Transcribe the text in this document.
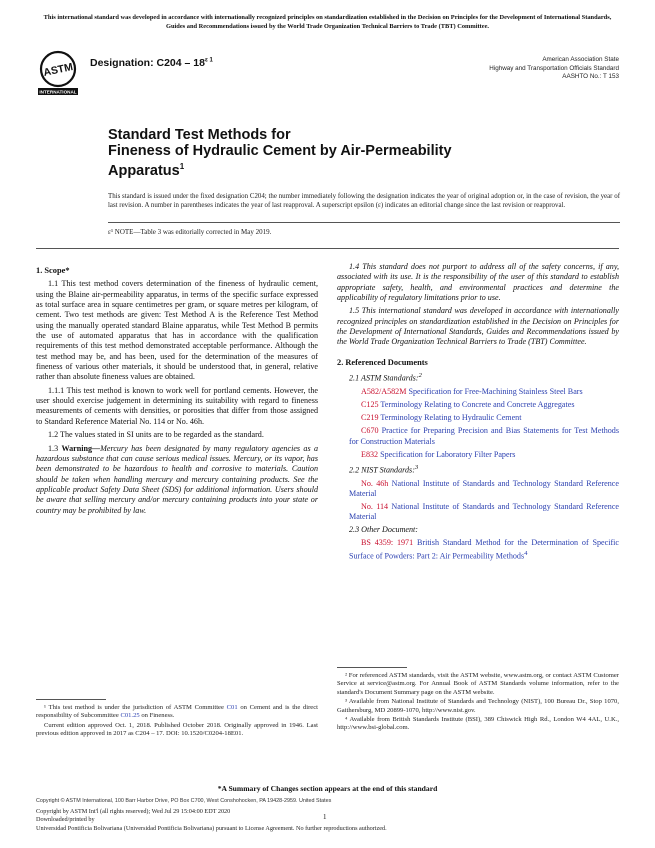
This international standard was developed in accordance with internationally recognized principles on standardization established in the Decision on Principles for the Development of International Standards, Guides and Recommendations issued by the World Trade Organization Technical Barriers to Trade (TBT) Committee.
ASTM
INTERNATIONAL
Designation: $C204 - 18^{\varepsilon 1}$	American Association State
Highway and Transportation Officials Standard
AASHTO No.: T 153
Standard Test Methods for
Fineness of Hydraulic Cement by Air-Permeability
Apparatus$^1$
This standard is issued under the fixed designation C204; the number immediately following the designation indicates the year of original adoption or, in the case of revision, the year of last revision. A number in parentheses indicates the year of last reapproval. A superscript epsilon (ε) indicates an editorial change since the last revision or reapproval.
ε¹ NOTE—Table 3 was editorially corrected in May 2019.

1. Scope*

1.1 This test method covers determination of the fineness of hydraulic cement, using the Blaine air-permeability apparatus, in terms of the specific surface expressed as total surface area in square centimetres per gram, or square metres per kilogram, of cement. Two test methods are given: Test Method A is the Reference Test Method using the manually operated standard Blaine apparatus, while Test Method B permits the use of automated apparatus that has in accordance with the qualification requirements of this test method demonstrated acceptable performance. Although the test method may be, and has been, used for the determination of the measures of fineness of various other materials, it should be understood that, in general, relative rather than absolute fineness values are obtained.

1.1.1 This test method is known to work well for portland cements. However, the user should exercise judgement in determining its suitability with regard to fineness measurements of cements with densities, or porosities that differ from those assigned to Standard Reference Material No. 114 or No. 46h.

1.2 The values stated in SI units are to be regarded as the standard.

1.3 Warning—Mercury has been designated by many regulatory agencies as a hazardous substance that can cause serious medical issues. Mercury, or its vapor, has been demonstrated to be hazardous to health and corrosive to materials. Caution should be taken when handling mercury and mercury containing products. See the applicable product Safety Data Sheet (SDS) for additional information. Users should be aware that selling mercury and/or mercury containing products into your state or country may be prohibited by law.

¹ This test method is under the jurisdiction of ASTM Committee C01 on Cement and is the direct responsibility of Subcommittee C01.25 on Fineness.

Current edition approved Oct. 1, 2018. Published October 2018. Originally approved in 1946. Last previous edition approved in 2017 as C204 – 17. DOI: 10.1520/C0204-18E01.

1.4 This standard does not purport to address all of the safety concerns, if any, associated with its use. It is the responsibility of the user of this standard to establish appropriate safety, health, and environmental practices and determine the applicability of regulatory limitations prior to use.

1.5 This international standard was developed in accordance with internationally recognized principles on standardization established in the Decision on Principles for the Development of International Standards, Guides and Recommendations issued by the World Trade Organization Technical Barriers to Trade (TBT) Committee.

2. Referenced Documents

2.1 ASTM Standards:$^2$

A582/A582M Specification for Free-Machining Stainless Steel Bars

C125 Terminology Relating to Concrete and Concrete Aggregates

C219 Terminology Relating to Hydraulic Cement

C670 Practice for Preparing Precision and Bias Statements for Test Methods for Construction Materials

E832 Specification for Laboratory Filter Papers

2.2 NIST Standards:$^3$

No. 46h National Institute of Standards and Technology Standard Reference Material

No. 114 National Institute of Standards and Technology Standard Reference Material

2.3 Other Document:

BS 4359: 1971 British Standard Method for the Determination of Specific Surface of Powders: Part 2: Air Permeability Methods$^4$

² For referenced ASTM standards, visit the ASTM website, www.astm.org, or contact ASTM Customer Service at service@astm.org. For Annual Book of ASTM Standards volume information, refer to the standard's Document Summary page on the ASTM website.

³ Available from National Institute of Standards and Technology (NIST), 100 Bureau Dr., Stop 1070, Gaithersburg, MD 20899-1070, http://www.nist.gov.

⁴ Available from British Standards Institute (BSI), 389 Chiswick High Rd., London W4 4AL, U.K., http://www.bsi-global.com.

*A Summary of Changes section appears at the end of this standard
Copyright © ASTM International, 100 Barr Harbor Drive, PO Box C700, West Conshohocken, PA 19428-2959. United States
Copyright by ASTM Int'l (all rights reserved); Wed Jul 29 15:04:00 EDT 2020
Downloaded/printed by
Universidad Pontificia Bolivariana (Universidad Pontificia Bolivariana) pursuant to License Agreement. No further reproductions authorized.
1
